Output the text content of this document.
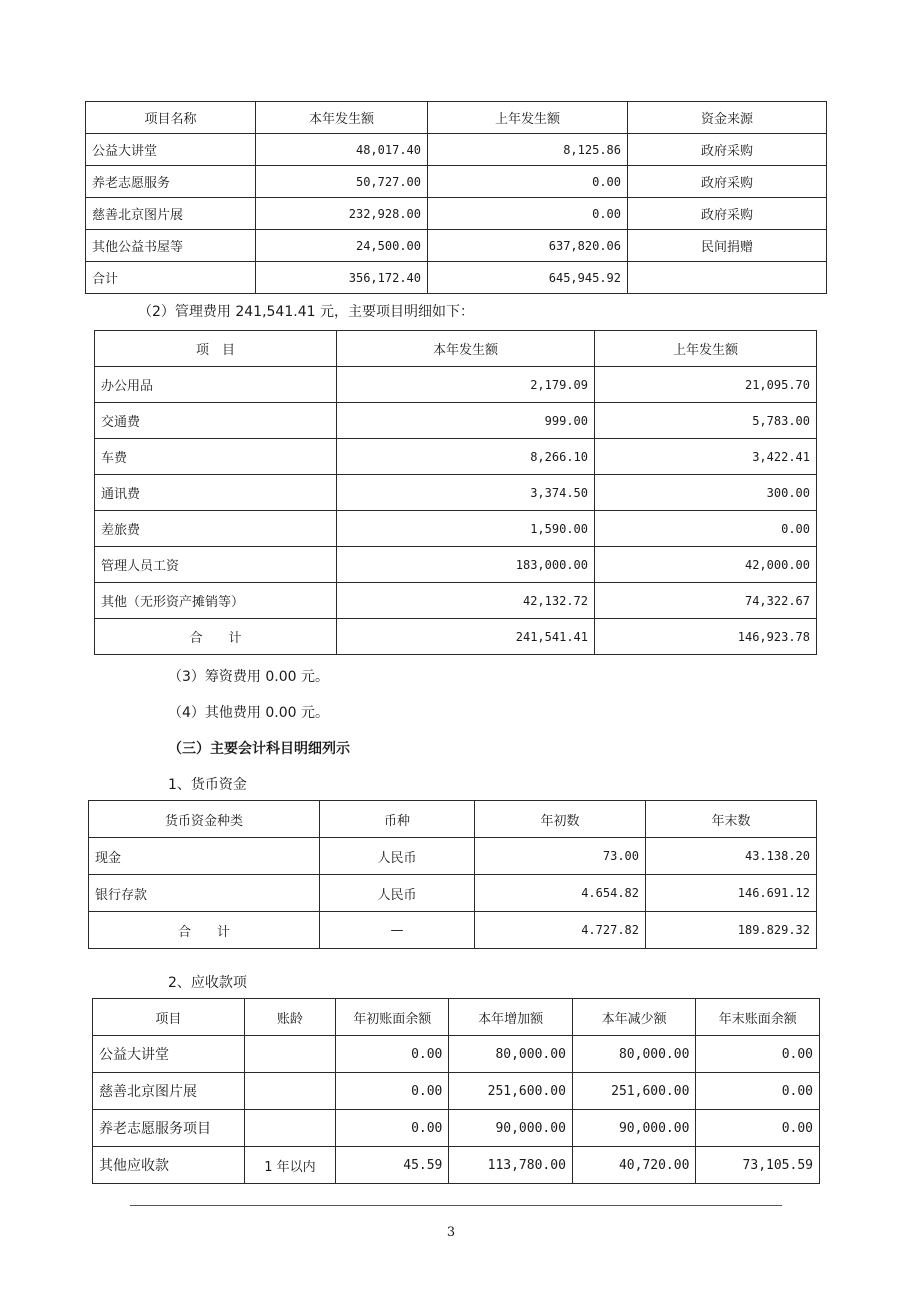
项目名称	本年发生额	上年发生额	资金来源
公益大讲堂	48,017.40	8,125.86	政府采购
养老志愿服务	50,727.00	0.00	政府采购
慈善北京图片展	232,928.00	0.00	政府采购
其他公益书屋等	24,500.00	637,820.06	民间捐赠
合计	356,172.40	645,945.92	
（2）管理费用 241,541.41 元，主要项目明细如下：
项　目	本年发生额	上年发生额
办公用品	2,179.09	21,095.70
交通费	999.00	5,783.00
车费	8,266.10	3,422.41
通讯费	3,374.50	300.00
差旅费	1,590.00	0.00
管理人员工资	183,000.00	42,000.00
其他（无形资产摊销等）	42,132.72	74,322.67
合　　计	241,541.41	146,923.78
（3）筹资费用 0.00 元。
（4）其他费用 0.00 元。
（三）主要会计科目明细列示
1、货币资金
货币资金种类	币种	年初数	年末数
现金	人民币	73.00	43.138.20
银行存款	人民币	4.654.82	146.691.12
合　　计	—	4.727.82	189.829.32
2、应收款项
项目	账龄	年初账面余额	本年增加额	本年减少额	年末账面余额
公益大讲堂		0.00	80,000.00	80,000.00	0.00
慈善北京图片展		0.00	251,600.00	251,600.00	0.00
养老志愿服务项目		0.00	90,000.00	90,000.00	0.00
其他应收款	1 年以内	45.59	113,780.00	40,720.00	73,105.59
3
